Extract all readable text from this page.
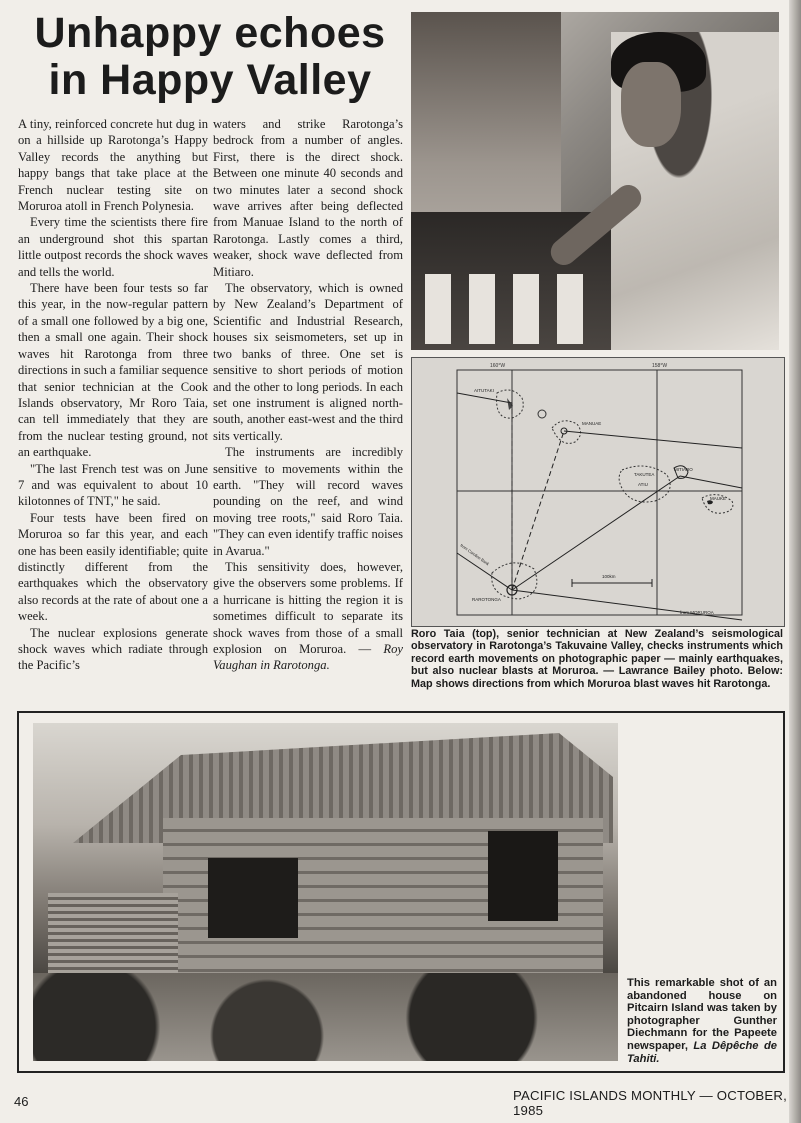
Unhappy echoes
in Happy Valley

A tiny, reinforced concrete hut dug in on a hillside up Rarotonga’s Happy Valley records the anything but happy bangs that take place at the French nuclear testing site on Moruroa atoll in French Polynesia.

Every time the scientists there fire an underground shot this spartan little outpost records the shock waves and tells the world.

There have been four tests so far this year, in the now-regular pattern of a small one followed by a big one, then a small one again. Their shock waves hit Rarotonga from three directions in such a familiar sequence that senior technician at the Cook Islands observatory, Mr Roro Taia, can tell immediately that they are from the nuclear testing ground, not an earthquake.

"The last French test was on June 7 and was equivalent to about 10 kilotonnes of TNT," he said.

Four tests have been fired on Moruroa so far this year, and each one has been easily identifiable; quite distinctly different from the earthquakes which the observatory also records at the rate of about one a week.

The nuclear explosions generate shock waves which radiate through the Pacific’s

waters and strike Rarotonga’s bedrock from a number of angles. First, there is the direct shock. Between one minute 40 seconds and two minutes later a second shock wave arrives after being deflected from Manuae Island to the north of Rarotonga. Lastly comes a third, weaker, shock wave deflected from Mitiaro.

The observatory, which is owned by New Zealand’s Department of Scientific and Industrial Research, houses six seismometers, set up in two banks of three. One set is sensitive to short periods of motion and the other to long periods. In each set one instrument is aligned north-south, another east-west and the third sits vertically.

The instruments are incredibly sensitive to movements within the earth. "They will record waves pounding on the reef, and wind moving tree roots," said Roro Taia. "They can even identify traffic noises in Avarua."

This sensitivity does, however, give the observers some problems. If a hurricane is hitting the region it is sometimes difficult to separate its shock waves from those of a small explosion on Moruroa. — Roy Vaughan in Rarotonga.

160°W	158°W
AITUTAKI
MANUAE
MITIARO
TAKUTEA
ATIU
MAUKE
RAROTONGA
from Caroline Bank
from MORUROA
100km

Roro Taia (top), senior technician at New Zealand’s seismological observatory in Rarotonga’s Takuvaine Valley, checks instruments which record earth movements on photographic paper — mainly earthquakes, but also nuclear blasts at Moruroa. — Lawrance Bailey photo. Below: Map shows directions from which Moruroa blast waves hit Rarotonga.

This remarkable shot of an abandoned house on Pitcairn Island was taken by photographer Gunther Diechmann for the Papeete newspaper, La Dêpêche de Tahiti.

46	PACIFIC ISLANDS MONTHLY — OCTOBER, 1985
